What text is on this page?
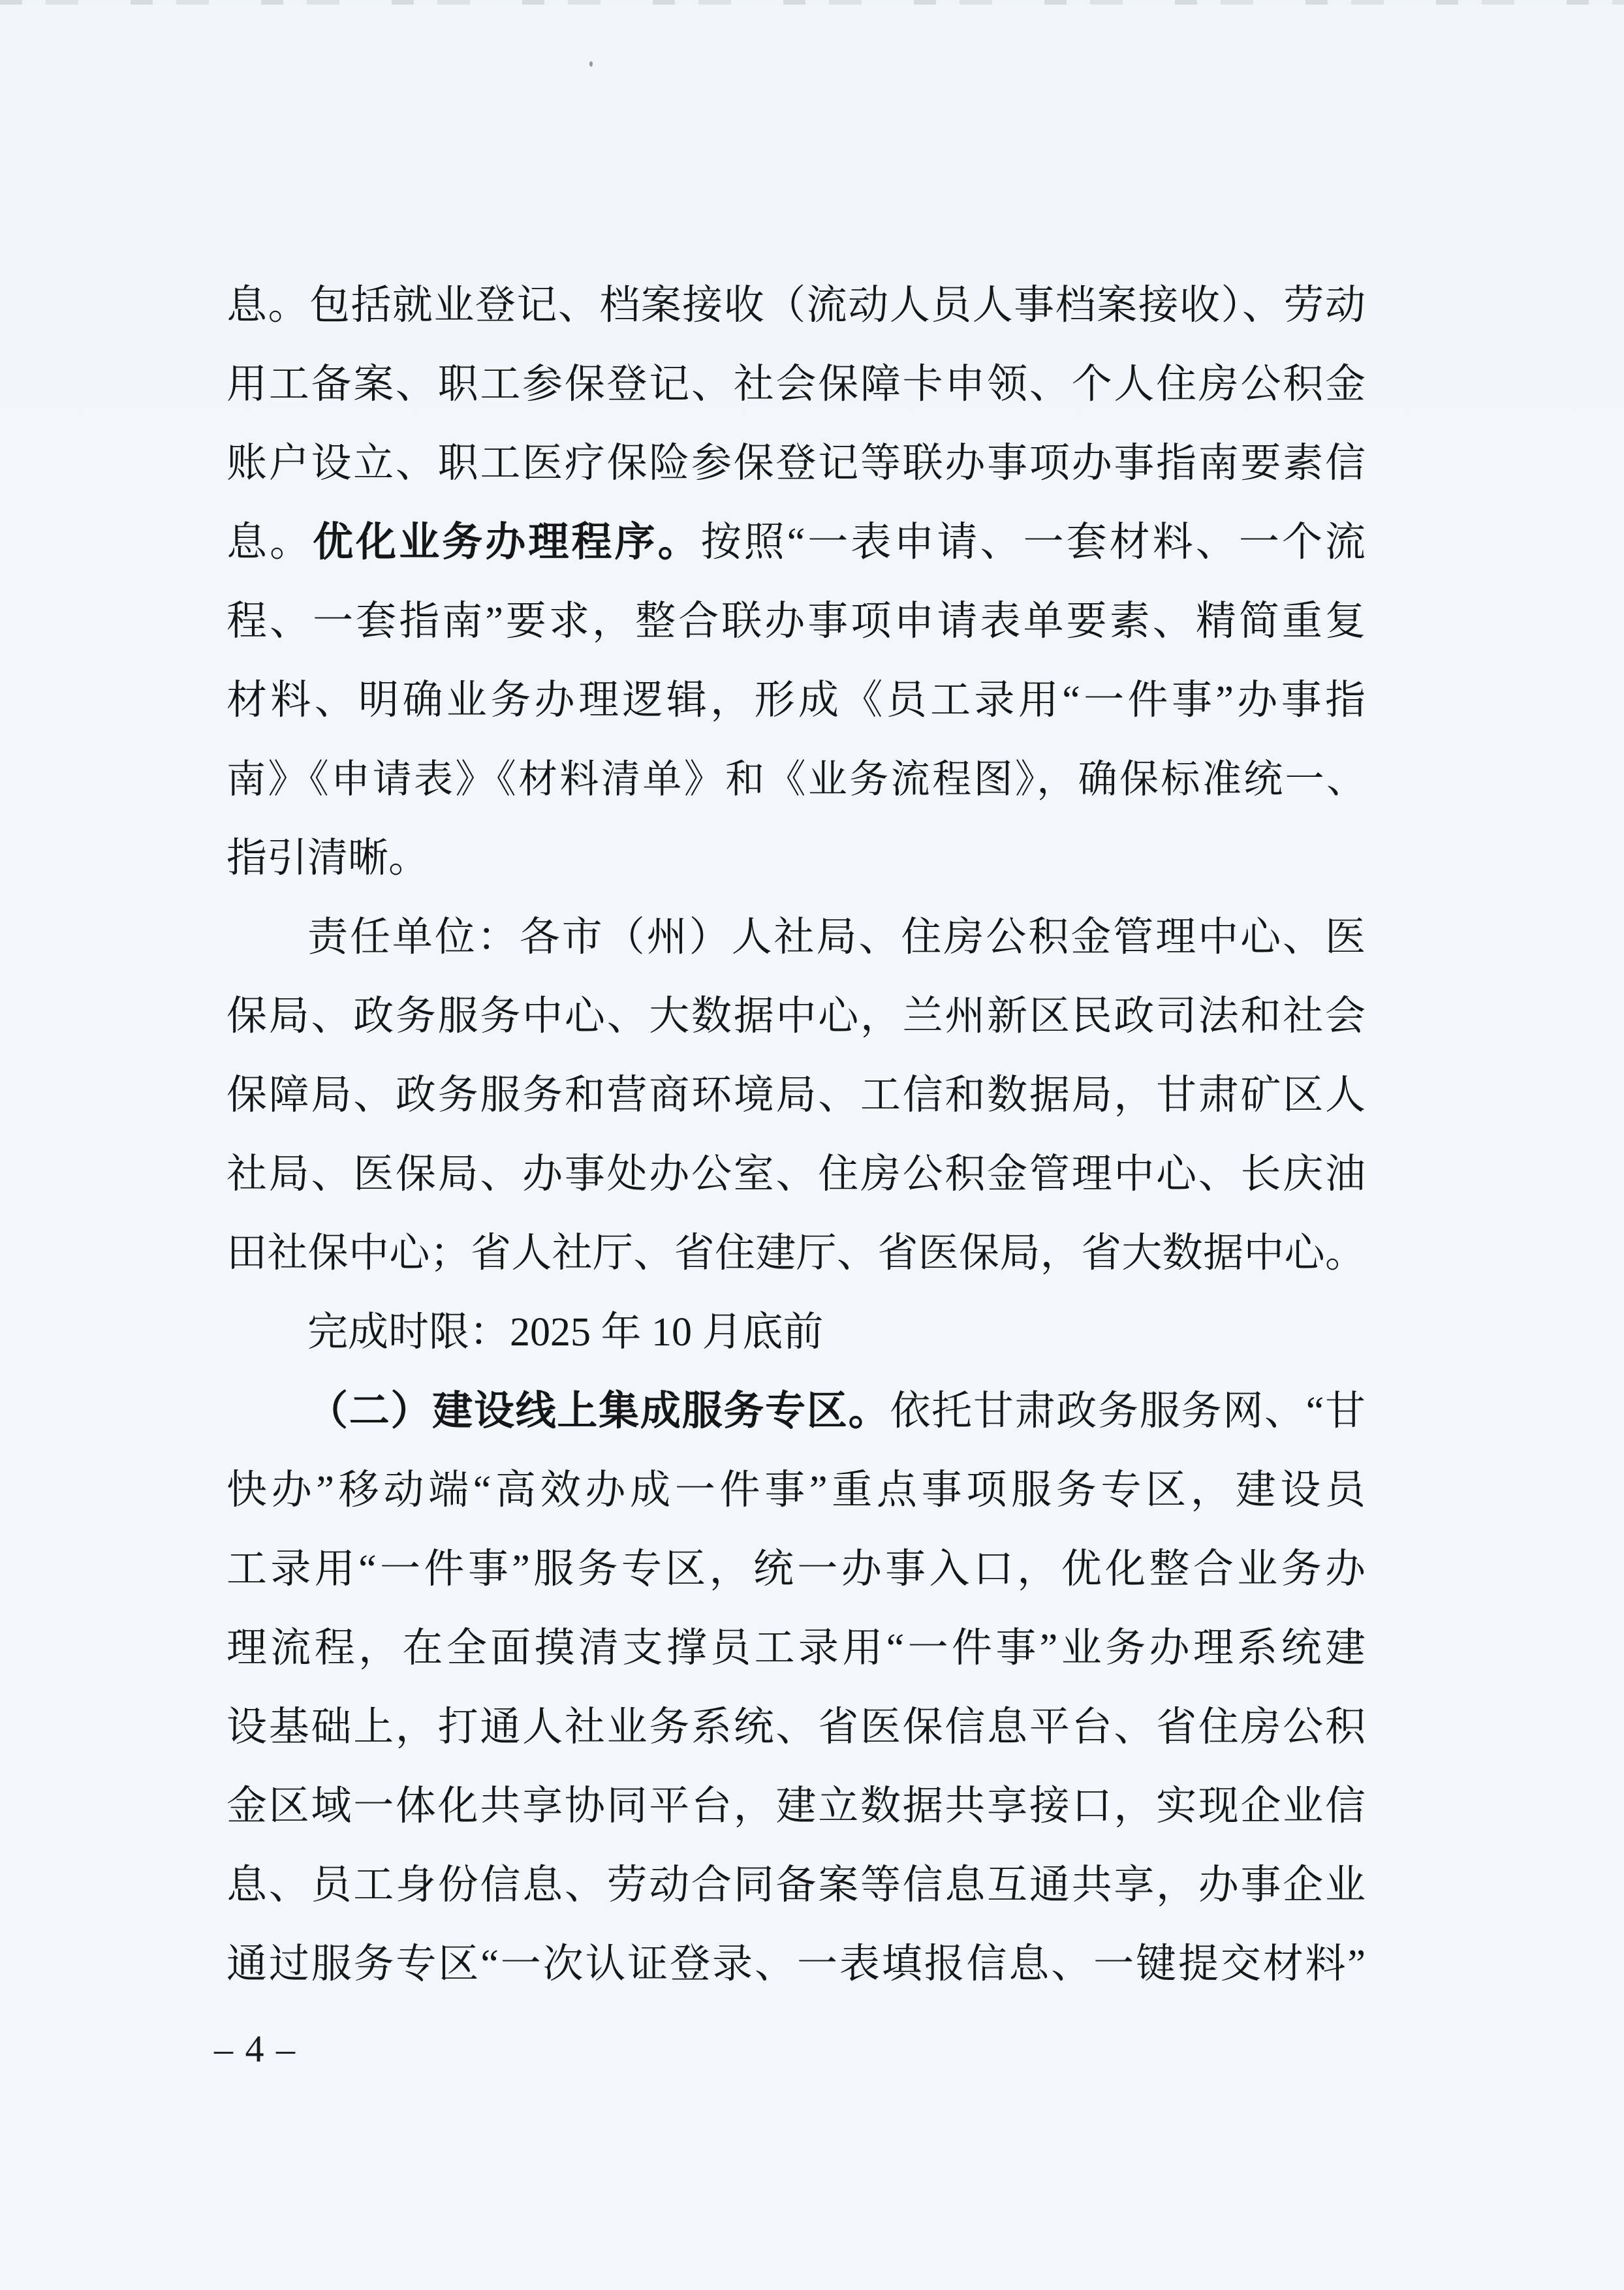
息。包括就业登记、档案接收（流动人员人事档案接收）、劳动
用工备案、职工参保登记、社会保障卡申领、个人住房公积金
账户设立、职工医疗保险参保登记等联办事项办事指南要素信
息。优化业务办理程序。按照“一表申请、一套材料、一个流
程、一套指南”要求，整合联办事项申请表单要素、精简重复
材料、明确业务办理逻辑，形成《员工录用“一件事”办事指
南》《申请表》《材料清单》和《业务流程图》，确保标准统一、
指引清晰。
责任单位：各市（州）人社局、住房公积金管理中心、医
保局、政务服务中心、大数据中心，兰州新区民政司法和社会
保障局、政务服务和营商环境局、工信和数据局，甘肃矿区人
社局、医保局、办事处办公室、住房公积金管理中心、长庆油
田社保中心；省人社厅、省住建厅、省医保局，省大数据中心。
完成时限：2025 年 10 月底前
（二）建设线上集成服务专区。依托甘肃政务服务网、“甘
快办”移动端“高效办成一件事”重点事项服务专区，建设员
工录用“一件事”服务专区，统一办事入口，优化整合业务办
理流程，在全面摸清支撑员工录用“一件事”业务办理系统建
设基础上，打通人社业务系统、省医保信息平台、省住房公积
金区域一体化共享协同平台，建立数据共享接口，实现企业信
息、员工身份信息、劳动合同备案等信息互通共享，办事企业
通过服务专区“一次认证登录、一表填报信息、一键提交材料”
– 4 –
